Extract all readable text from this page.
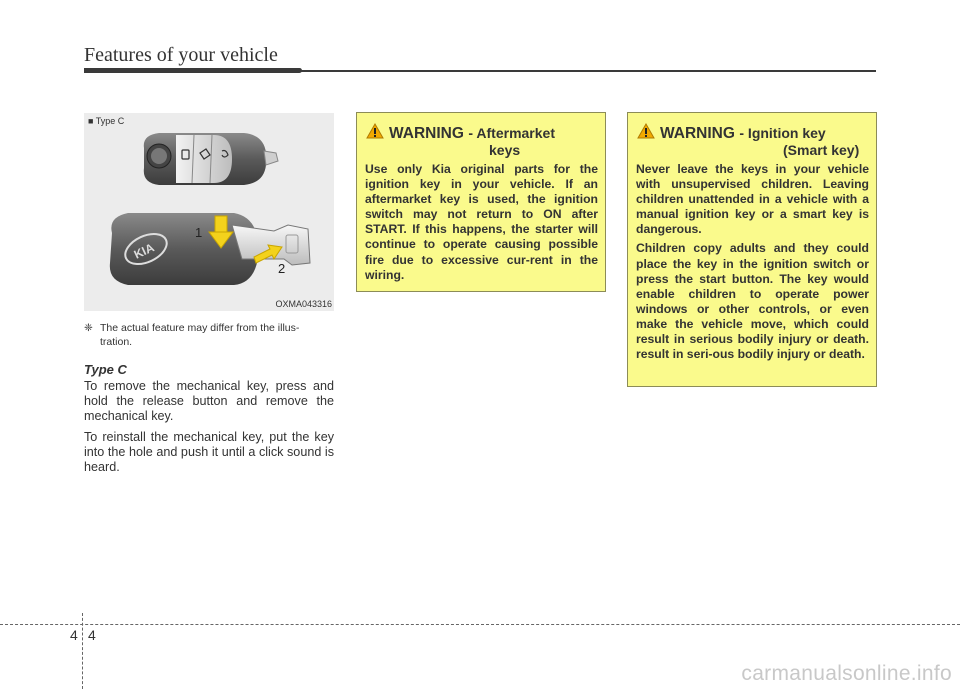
Features of your vehicle
■ Type C
KIA
1
2
OXMA043316
❈ The actual feature may differ from the illus-
tration.
Type C
To remove the mechanical key, press and hold the release button and remove the mechanical key.
To reinstall the mechanical key, put the key into the hole and push it until a click sound is heard.
WARNING - Aftermarket
keys

Use only Kia original parts for the ignition key in your vehicle. If an aftermarket key is used, the ignition switch may not return to ON after START. If this happens, the starter will continue to operate causing possible fire due to excessive cur-rent in the wiring.

WARNING - Ignition key
(Smart key)

Never leave the keys in your vehicle with unsupervised children. Leaving children unattended in a vehicle with a manual ignition key or a smart key is dangerous.

Children copy adults and they could place the key in the ignition switch or press the start button. The key would enable children to operate power windows or other controls, or even make the vehicle move, which could result in serious bodily injury or death. result in seri-ous bodily injury or death.

4 4
carmanualsonline.info
